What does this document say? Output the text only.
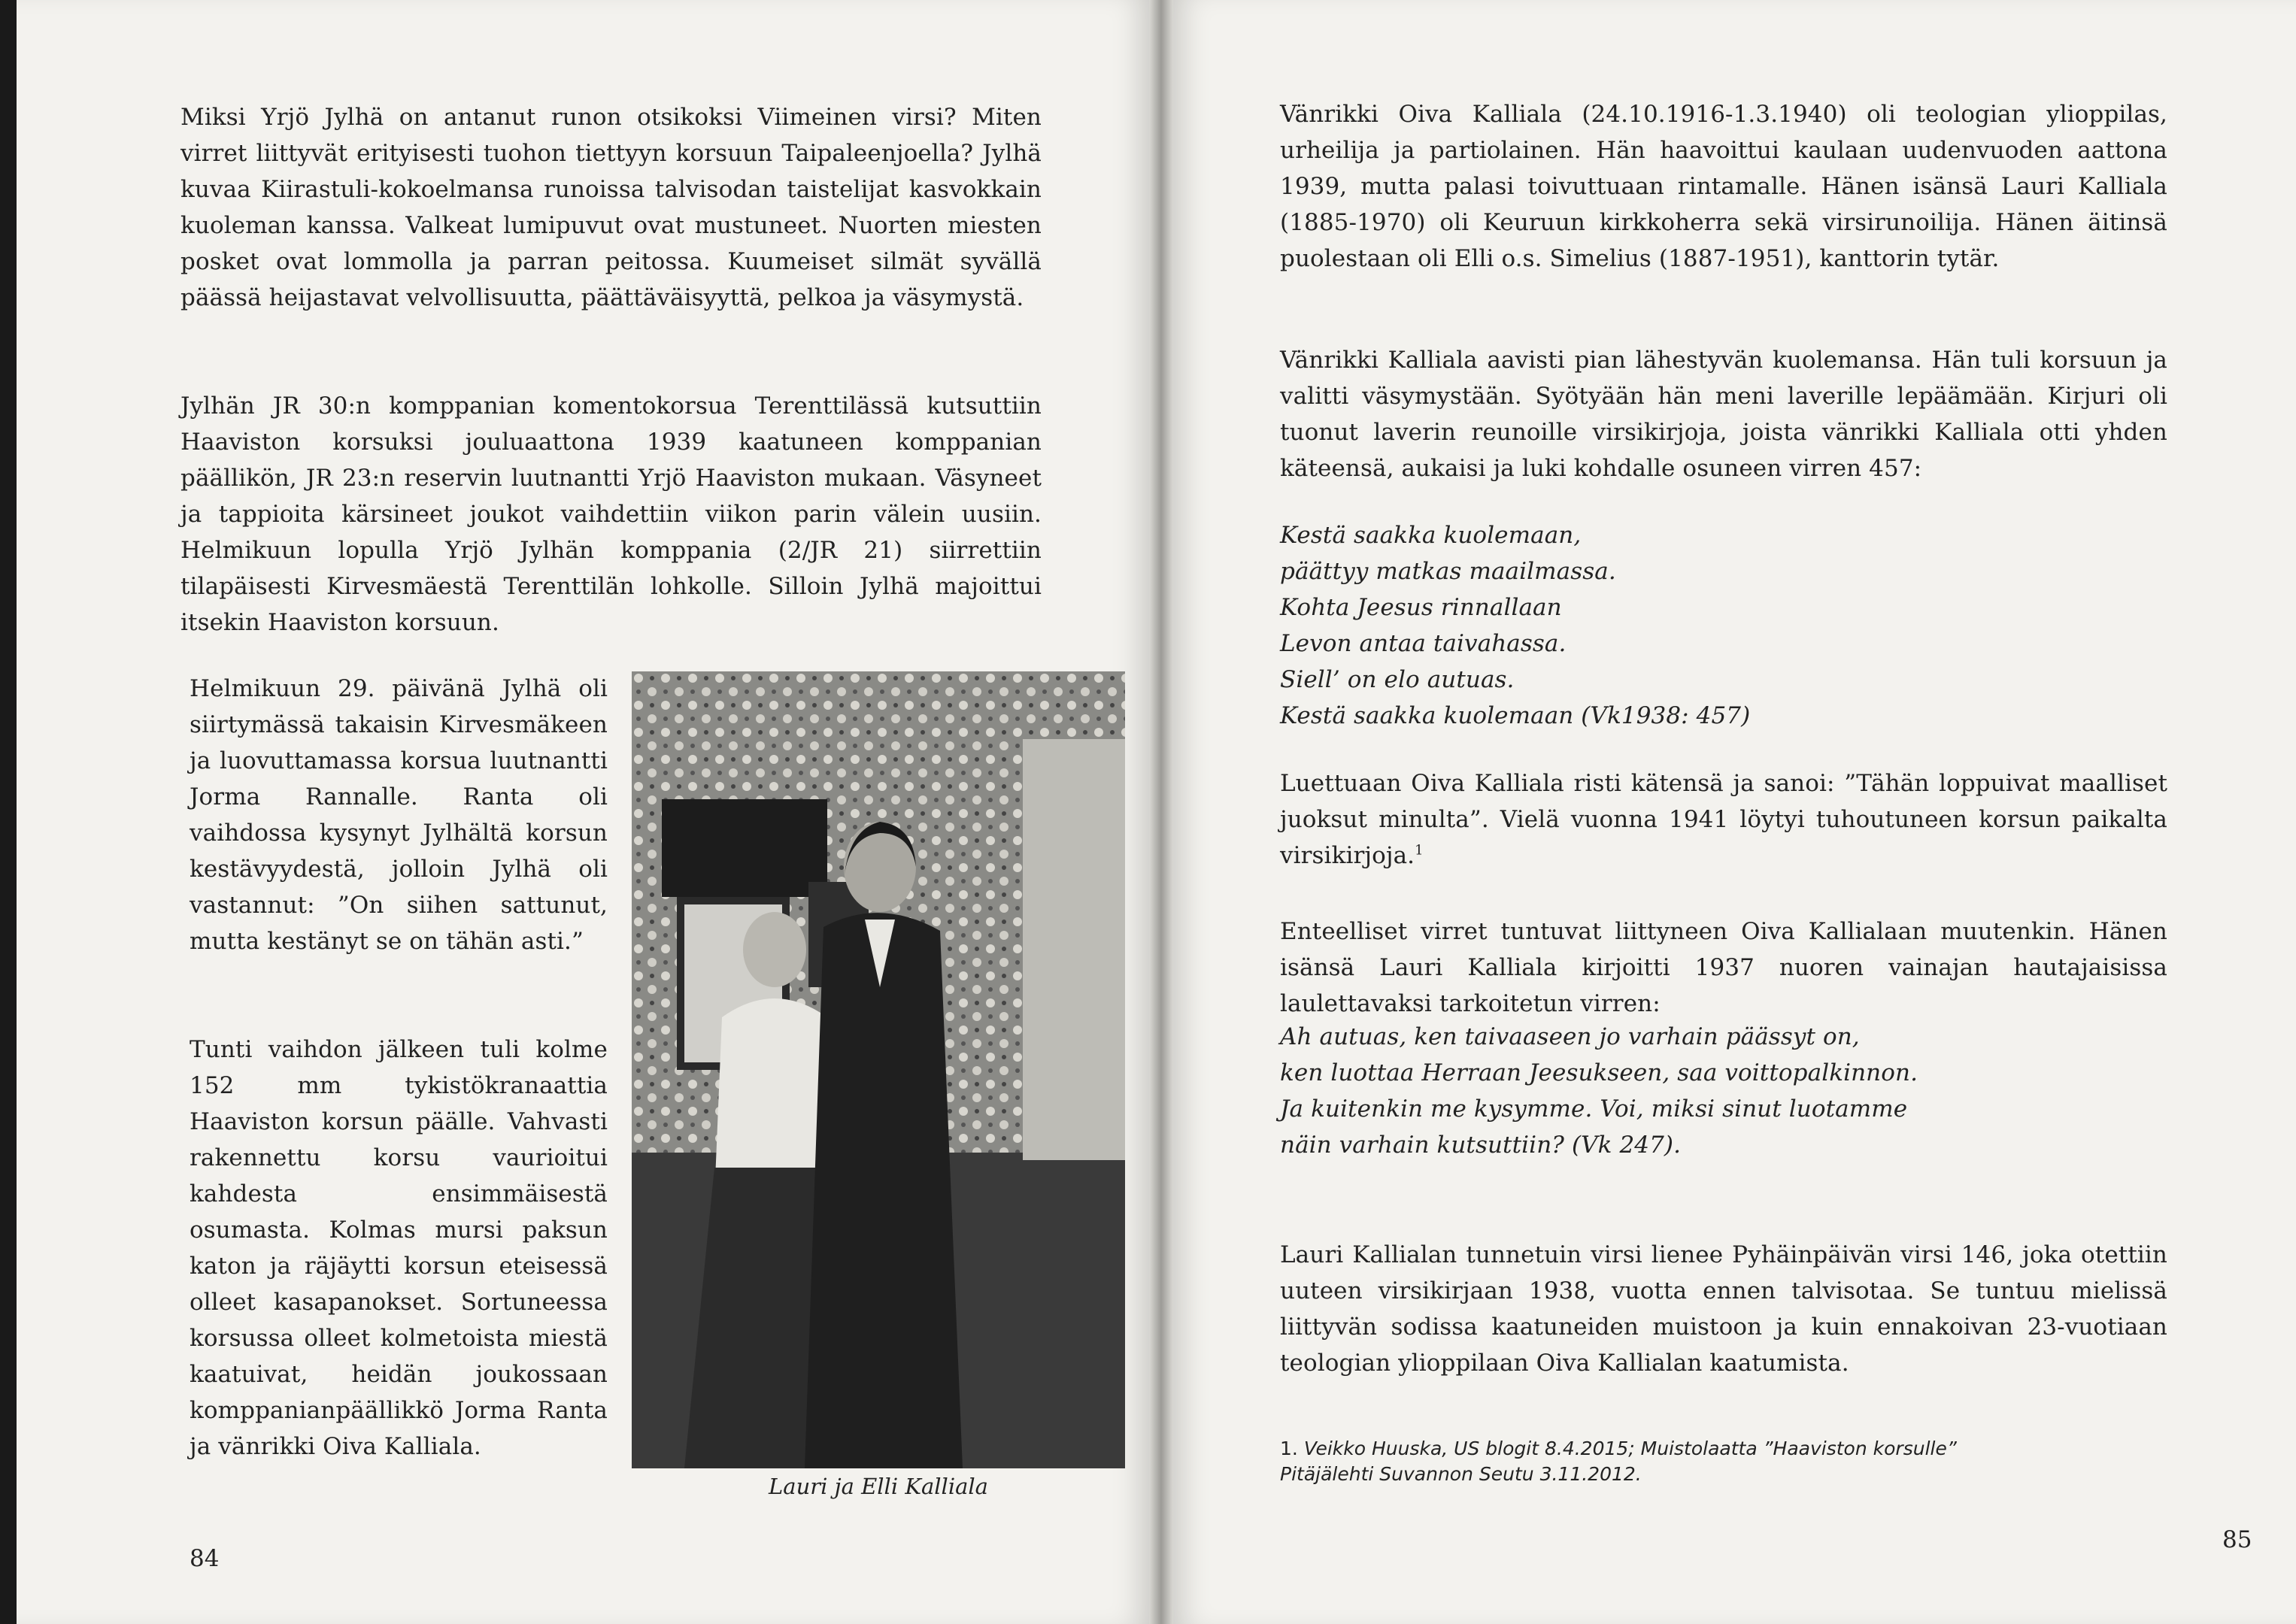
Miksi Yrjö Jylhä on antanut runon otsikoksi Viimeinen virsi? Miten virret liittyvät erityisesti tuohon tiettyyn korsuun Taipaleenjoella? Jylhä kuvaa Kiirastuli-kokoelmansa runoissa talvisodan taistelijat kasvokkain kuoleman kanssa. Valkeat lumipuvut ovat mustuneet. Nuorten miesten posket ovat lommolla ja parran peitossa. Kuumeiset silmät syvällä päässä heijastavat velvollisuutta, päättäväisyyttä, pelkoa ja väsymystä.

Jylhän JR 30:n komppanian komentokorsua Terenttilässä kutsuttiin Haaviston korsuksi jouluaattona 1939 kaatuneen komppanian päällikön, JR 23:n reservin luutnantti Yrjö Haaviston mukaan. Väsyneet ja tappioita kärsineet joukot vaihdettiin viikon parin välein uusiin. Helmikuun lopulla Yrjö Jylhän komppania (2/JR 21) siirrettiin tilapäisesti Kirvesmäestä Terenttilän lohkolle. Silloin Jylhä majoittui itsekin Haaviston korsuun.

Helmikuun 29. päivänä Jylhä oli siirtymässä takaisin Kirvesmäkeen ja luovuttamassa korsua luutnantti Jorma Rannalle. Ranta oli vaihdossa kysynyt Jylhältä korsun kestävyydestä, jolloin Jylhä oli vastannut: ”On siihen sattunut, mutta kestänyt se on tähän asti.”

Tunti vaihdon jälkeen tuli kolme 152 mm tykistökranaattia Haaviston korsun päälle. Vahvasti rakennettu korsu vaurioitui kahdesta ensimmäisestä osumasta. Kolmas mursi paksun katon ja räjäytti korsun eteisessä olleet kasapanokset. Sortuneessa korsussa olleet kolmetoista miestä kaatuivat, heidän joukossaan komppanianpäällikkö Jorma Ranta ja vänrikki Oiva Kalliala.

Lauri ja Elli Kalliala
84

Vänrikki Oiva Kalliala (24.10.1916-1.3.1940) oli teologian ylioppilas, urheilija ja partiolainen. Hän haavoittui kaulaan uudenvuoden aattona 1939, mutta palasi toivuttuaan rintamalle. Hänen isänsä Lauri Kalliala (1885-1970) oli Keuruun kirkkoherra sekä virsirunoilija. Hänen äitinsä puolestaan oli Elli o.s. Simelius (1887-1951), kanttorin tytär.

Vänrikki Kalliala aavisti pian lähestyvän kuolemansa. Hän tuli korsuun ja valitti väsymystään. Syötyään hän meni laverille lepäämään. Kirjuri oli tuonut laverin reunoille virsikirjoja, joista vänrikki Kalliala otti yhden käteensä, aukaisi ja luki kohdalle osuneen virren 457:

Kestä saakka kuolemaan,
päättyy matkas maailmassa.
Kohta Jeesus rinnallaan
Levon antaa taivahassa.
Siell’ on elo autuas.
Kestä saakka kuolemaan (Vk1938: 457)

Luettuaan Oiva Kalliala risti kätensä ja sanoi: ”Tähän loppuivat maalliset juoksut minulta”. Vielä vuonna 1941 löytyi tuhoutuneen korsun paikalta virsikirjoja.$^1$

Enteelliset virret tuntuvat liittyneen Oiva Kallialaan muutenkin. Hänen isänsä Lauri Kalliala kirjoitti 1937 nuoren vainajan hautajaisissa laulettavaksi tarkoitetun virren:

Ah autuas, ken taivaaseen jo varhain päässyt on,
ken luottaa Herraan Jeesukseen, saa voittopalkinnon.
Ja kuitenkin me kysymme. Voi, miksi sinut luotamme
näin varhain kutsuttiin? (Vk 247).

Lauri Kallialan tunnetuin virsi lienee Pyhäinpäivän virsi 146, joka otettiin uuteen virsikirjaan 1938, vuotta ennen talvisotaa. Se tuntuu mielissä liittyvän sodissa kaatuneiden muistoon ja kuin ennakoivan 23-vuotiaan teologian ylioppilaan Oiva Kallialan kaatumista.

1. Veikko Huuska, US blogit 8.4.2015; Muistolaatta ”Haaviston korsulle”
Pitäjälehti Suvannon Seutu 3.11.2012.
85
